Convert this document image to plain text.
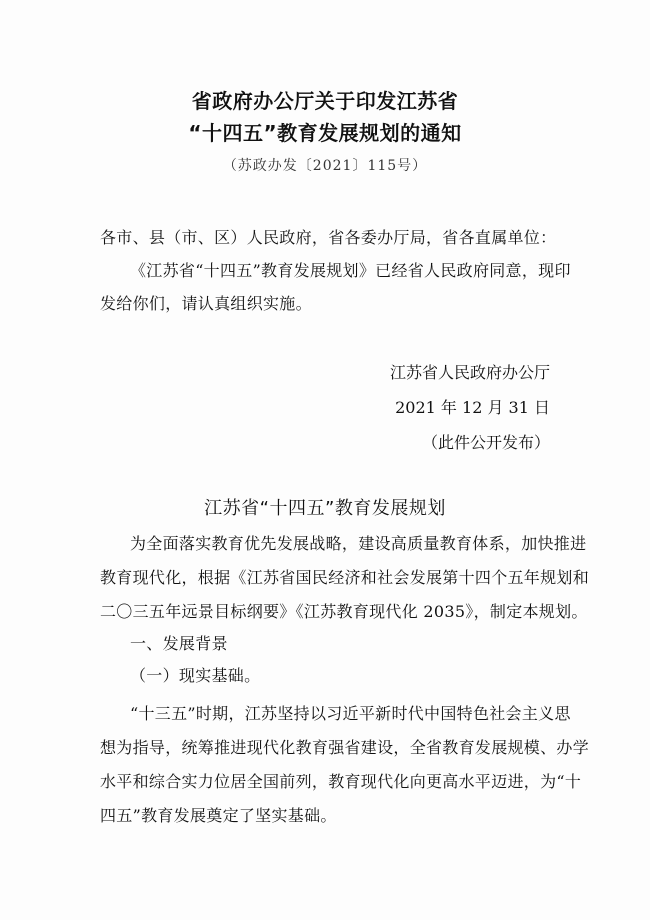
省政府办公厅关于印发江苏省
“十四五”教育发展规划的通知
（苏政办发〔2021〕115号）
各市、县（市、区）人民政府，省各委办厅局，省各直属单位：
《江苏省“十四五”教育发展规划》已经省人民政府同意，现印
发给你们，请认真组织实施。
江苏省人民政府办公厅
2021 年 12 月 31 日
（此件公开发布）
江苏省“十四五”教育发展规划
为全面落实教育优先发展战略，建设高质量教育体系，加快推进
教育现代化，根据《江苏省国民经济和社会发展第十四个五年规划和
二〇三五年远景目标纲要》《江苏教育现代化 2035》，制定本规划。
一、发展背景
（一）现实基础。
“十三五”时期，江苏坚持以习近平新时代中国特色社会主义思
想为指导，统筹推进现代化教育强省建设，全省教育发展规模、办学
水平和综合实力位居全国前列，教育现代化向更高水平迈进，为“十
四五”教育发展奠定了坚实基础。
